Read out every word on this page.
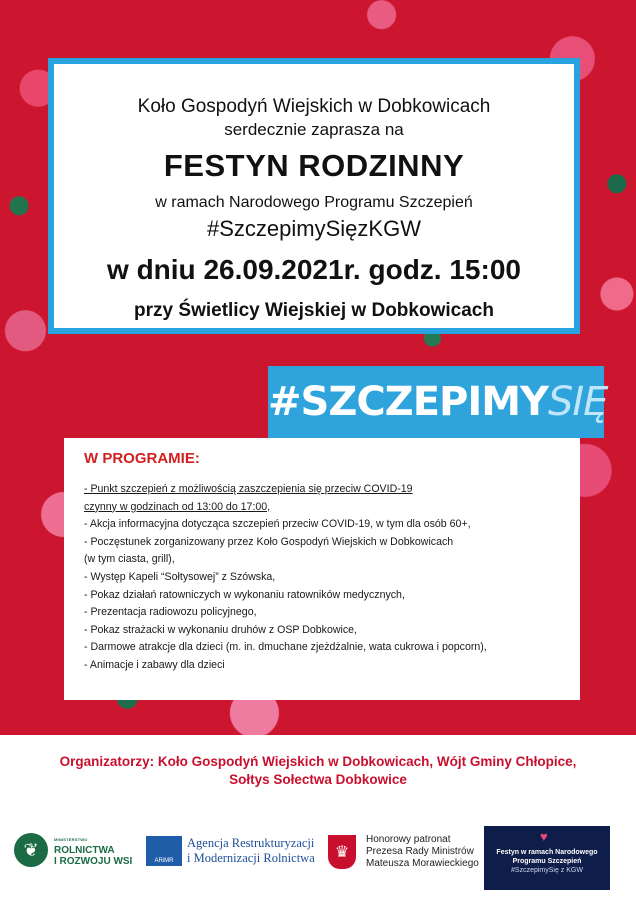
Koło Gospodyń Wiejskich w Dobkowicach
serdecznie zaprasza na
FESTYN RODZINNY
w ramach Narodowego Programu Szczepień
#SzczepimySięzKGW
w dniu 26.09.2021r. godz. 15:00
przy Świetlicy Wiejskiej w Dobkowicach
#SZCZEPIMYSIĘ
W PROGRAMIE:
- Punkt szczepień z możliwością zaszczepienia się przeciw COVID-19
czynny w godzinach od 13:00 do 17:00,
- Akcja informacyjna dotycząca szczepień przeciw COVID-19, w tym dla osób 60+,
- Poczęstunek zorganizowany przez Koło Gospodyń Wiejskich w Dobkowicach
(w tym ciasta, grill),
- Występ Kapeli “Sołtysowej” z Szówska,
- Pokaz działań ratowniczych w wykonaniu ratowników medycznych,
- Prezentacja radiowozu policyjnego,
- Pokaz strażacki w wykonaniu druhów z OSP Dobkowice,
- Darmowe atrakcje dla dzieci (m. in. dmuchane zjeżdżalnie, wata cukrowa i popcorn),
- Animacje i zabawy dla dzieci
Organizatorzy: Koło Gospodyń Wiejskich w Dobkowicach, Wójt Gminy Chłopice,
Sołtys Sołectwa Dobkowice
❦
MINISTERSTWO
ROLNICTWA
I ROZWOJU WSI	ARiMR
Agencja Restrukturyzacji
i Modernizacji Rolnictwa	♛
Honorowy patronat
Prezesa Rady Ministrów
Mateusza Morawieckiego
♥
Festyn w ramach Narodowego
Programu Szczepień
#SzczepimySię z KGW
